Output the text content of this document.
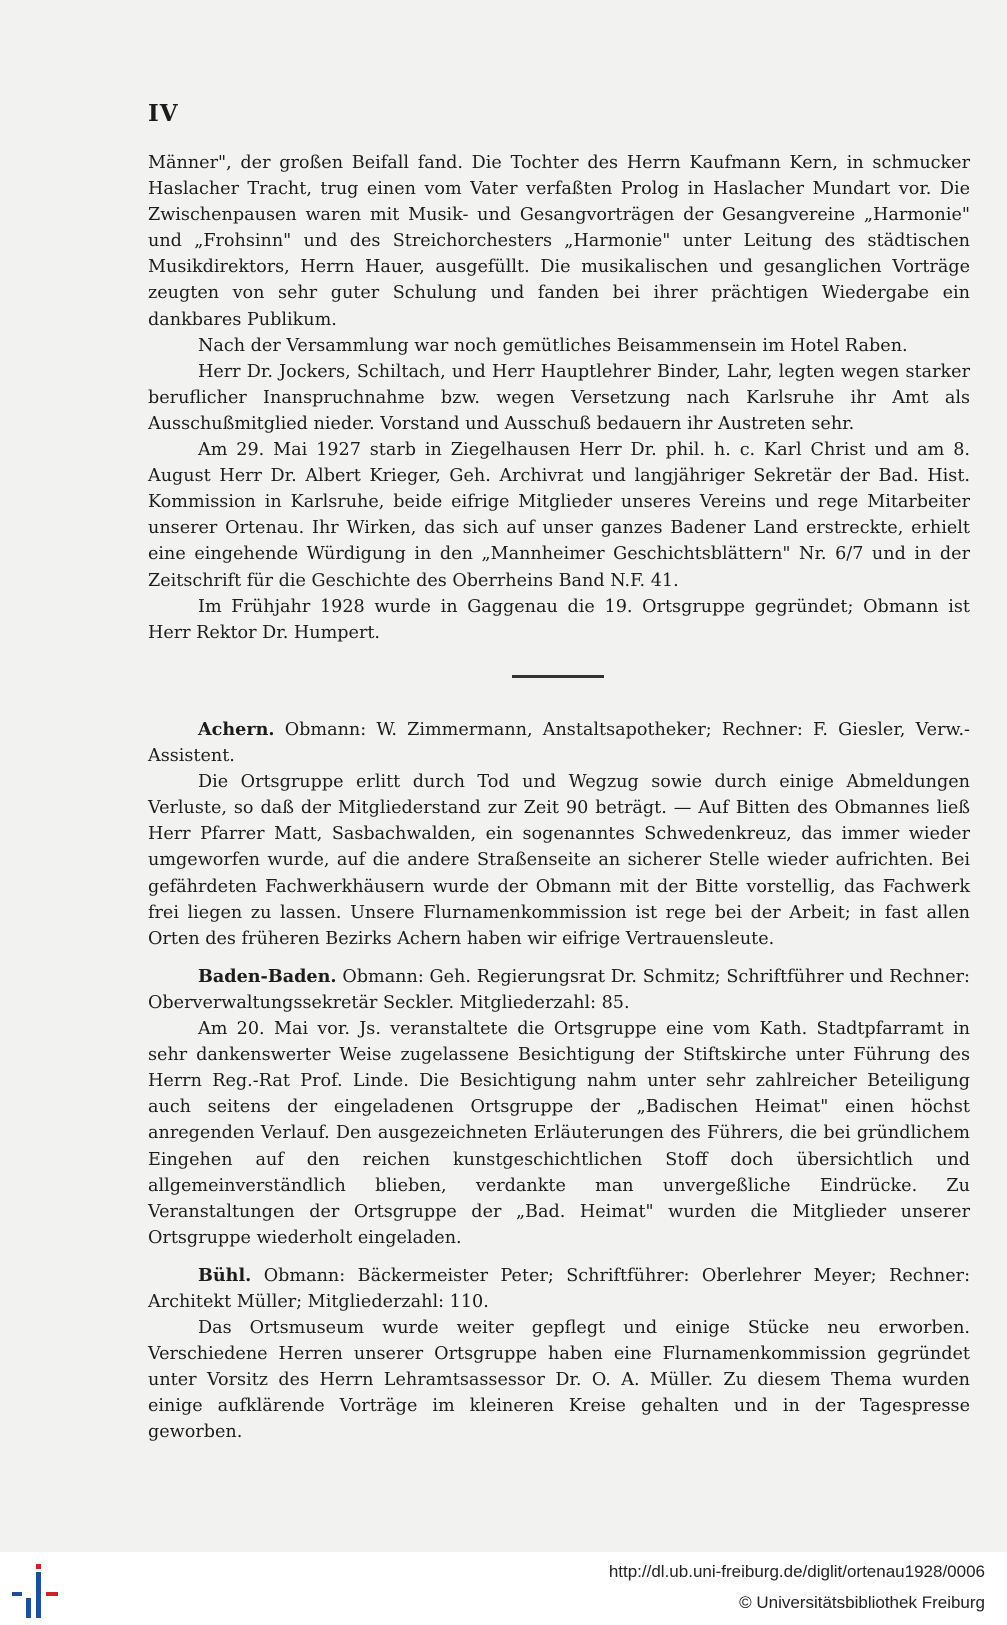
IV

Männer", der großen Beifall fand. Die Tochter des Herrn Kaufmann Kern, in schmucker Haslacher Tracht, trug einen vom Vater verfaßten Prolog in Haslacher Mundart vor. Die Zwischenpausen waren mit Musik- und Gesangvorträgen der Gesangvereine „Harmonie" und „Frohsinn" und des Streichorchesters „Harmonie" unter Leitung des städtischen Musikdirektors, Herrn Hauer, ausgefüllt. Die musikalischen und gesanglichen Vorträge zeugten von sehr guter Schulung und fanden bei ihrer prächtigen Wiedergabe ein dankbares Publikum.

Nach der Versammlung war noch gemütliches Beisammensein im Hotel Raben.

Herr Dr. Jockers, Schiltach, und Herr Hauptlehrer Binder, Lahr, legten wegen starker beruflicher Inanspruchnahme bzw. wegen Versetzung nach Karlsruhe ihr Amt als Ausschußmitglied nieder. Vorstand und Ausschuß bedauern ihr Austreten sehr.

Am 29. Mai 1927 starb in Ziegelhausen Herr Dr. phil. h. c. Karl Christ und am 8. August Herr Dr. Albert Krieger, Geh. Archivrat und langjähriger Sekretär der Bad. Hist. Kommission in Karlsruhe, beide eifrige Mitglieder unseres Vereins und rege Mitarbeiter unserer Ortenau. Ihr Wirken, das sich auf unser ganzes Badener Land erstreckte, erhielt eine eingehende Würdigung in den „Mannheimer Geschichtsblättern" Nr. 6/7 und in der Zeitschrift für die Geschichte des Oberrheins Band N.F. 41.

Im Frühjahr 1928 wurde in Gaggenau die 19. Ortsgruppe gegründet; Obmann ist Herr Rektor Dr. Humpert.

Achern. Obmann: W. Zimmermann, Anstaltsapotheker; Rechner: F. Giesler, Verw.-Assistent.

Die Ortsgruppe erlitt durch Tod und Wegzug sowie durch einige Abmeldungen Verluste, so daß der Mitgliederstand zur Zeit 90 beträgt. — Auf Bitten des Obmannes ließ Herr Pfarrer Matt, Sasbachwalden, ein sogenanntes Schwedenkreuz, das immer wieder umgeworfen wurde, auf die andere Straßenseite an sicherer Stelle wieder aufrichten. Bei gefährdeten Fachwerkhäusern wurde der Obmann mit der Bitte vorstellig, das Fachwerk frei liegen zu lassen. Unsere Flurnamenkommission ist rege bei der Arbeit; in fast allen Orten des früheren Bezirks Achern haben wir eifrige Vertrauensleute.

Baden-Baden. Obmann: Geh. Regierungsrat Dr. Schmitz; Schriftführer und Rechner: Oberverwaltungssekretär Seckler. Mitgliederzahl: 85.

Am 20. Mai vor. Js. veranstaltete die Ortsgruppe eine vom Kath. Stadtpfarramt in sehr dankenswerter Weise zugelassene Besichtigung der Stiftskirche unter Führung des Herrn Reg.-Rat Prof. Linde. Die Besichtigung nahm unter sehr zahlreicher Beteiligung auch seitens der eingeladenen Ortsgruppe der „Badischen Heimat" einen höchst anregenden Verlauf. Den ausgezeichneten Erläuterungen des Führers, die bei gründlichem Eingehen auf den reichen kunstgeschichtlichen Stoff doch übersichtlich und allgemeinverständlich blieben, verdankte man unvergeßliche Eindrücke. Zu Veranstaltungen der Ortsgruppe der „Bad. Heimat" wurden die Mitglieder unserer Ortsgruppe wiederholt eingeladen.

Bühl. Obmann: Bäckermeister Peter; Schriftführer: Oberlehrer Meyer; Rechner: Architekt Müller; Mitgliederzahl: 110.

Das Ortsmuseum wurde weiter gepflegt und einige Stücke neu erworben. Verschiedene Herren unserer Ortsgruppe haben eine Flurnamenkommission gegründet unter Vorsitz des Herrn Lehramtsassessor Dr. O. A. Müller. Zu diesem Thema wurden einige aufklärende Vorträge im kleineren Kreise gehalten und in der Tagespresse geworben.

http://dl.ub.uni-freiburg.de/diglit/ortenau1928/0006
© Universitätsbibliothek Freiburg
